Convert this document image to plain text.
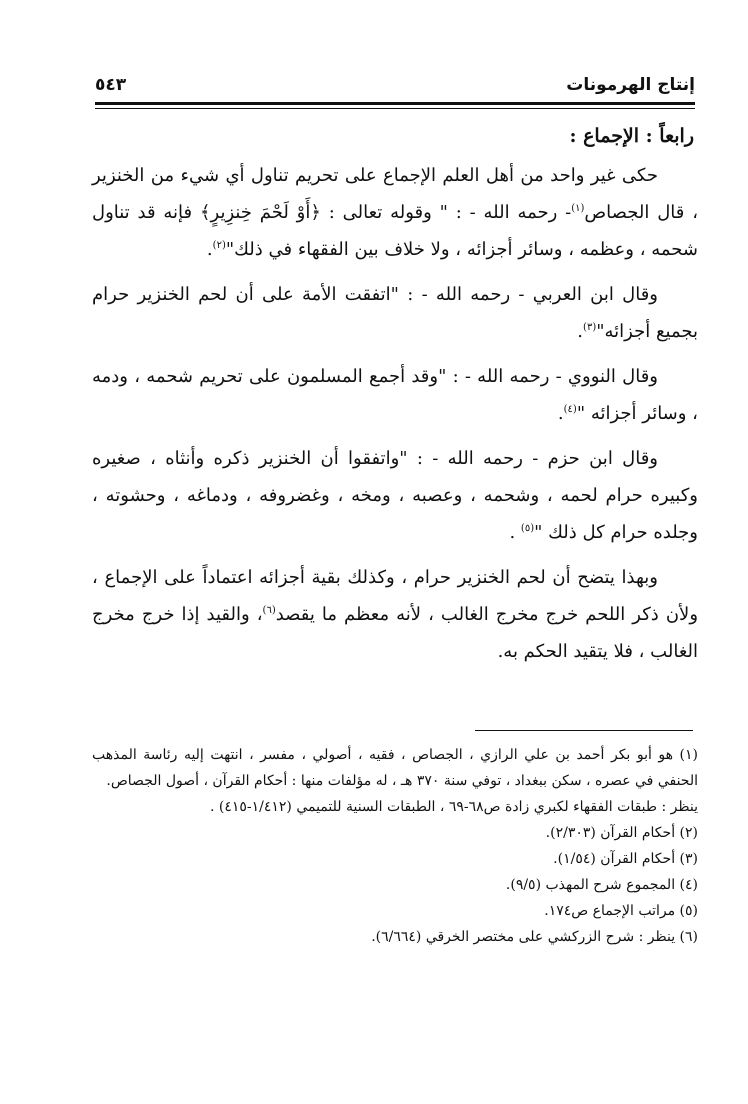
إنتاج الهرمونات
٥٤٣

رابعاً : الإجماع :

حكى غير واحد من أهل العلم الإجماع على تحريم تناول أي شيء من الخنزير ، قال الجصاص$^{(١)}$- رحمه الله - : " وقوله تعالى : ﴿أَوْ لَحْمَ خِنزِيرٍ﴾ فإنه قد تناول شحمه ، وعظمه ، وسائر أجزائه ، ولا خلاف بين الفقهاء في ذلك"$^{(٢)}$.

وقال ابن العربي - رحمه الله - : "اتفقت الأمة على أن لحم الخنزير حرام بجميع أجزائه"$^{(٣)}$.

وقال النووي - رحمه الله - : "وقد أجمع المسلمون على تحريم شحمه ، ودمه ، وسائر أجزائه "$^{(٤)}$.

وقال ابن حزم - رحمه الله - : "واتفقوا أن الخنزير ذكره وأنثاه ، صغيره وكبيره حرام لحمه ، وشحمه ، وعصبه ، ومخه ، وغضروفه ، ودماغه ، وحشوته ، وجلده حرام كل ذلك "$^{(٥)}$ .

وبهذا يتضح أن لحم الخنزير حرام ، وكذلك بقية أجزائه اعتماداً على الإجماع ، ولأن ذكر اللحم خرج مخرج الغالب ، لأنه معظم ما يقصد$^{(٦)}$، والقيد إذا خرج مخرج الغالب ، فلا يتقيد الحكم به.

(١) هو أبو بكر أحمد بن علي الرازي ، الجصاص ، فقيه ، أصولي ، مفسر ، انتهت إليه رئاسة المذهب الحنفي في عصره ، سكن ببغداد ، توفي سنة ٣٧٠ هـ ، له مؤلفات منها : أحكام القرآن ، أصول الجصاص.

ينظر : طبقات الفقهاء لكبري زادة ص٦٨-٦٩ ، الطبقات السنية للتميمي (١/٤١٢-٤١٥) .

(٢) أحكام القرآن (٢/٣٠٣).

(٣) أحكام القرآن (١/٥٤).

(٤) المجموع شرح المهذب (٩/٥).

(٥) مراتب الإجماع ص١٧٤.

(٦) ينظر : شرح الزركشي على مختصر الخرقي (٦/٦٦٤).
